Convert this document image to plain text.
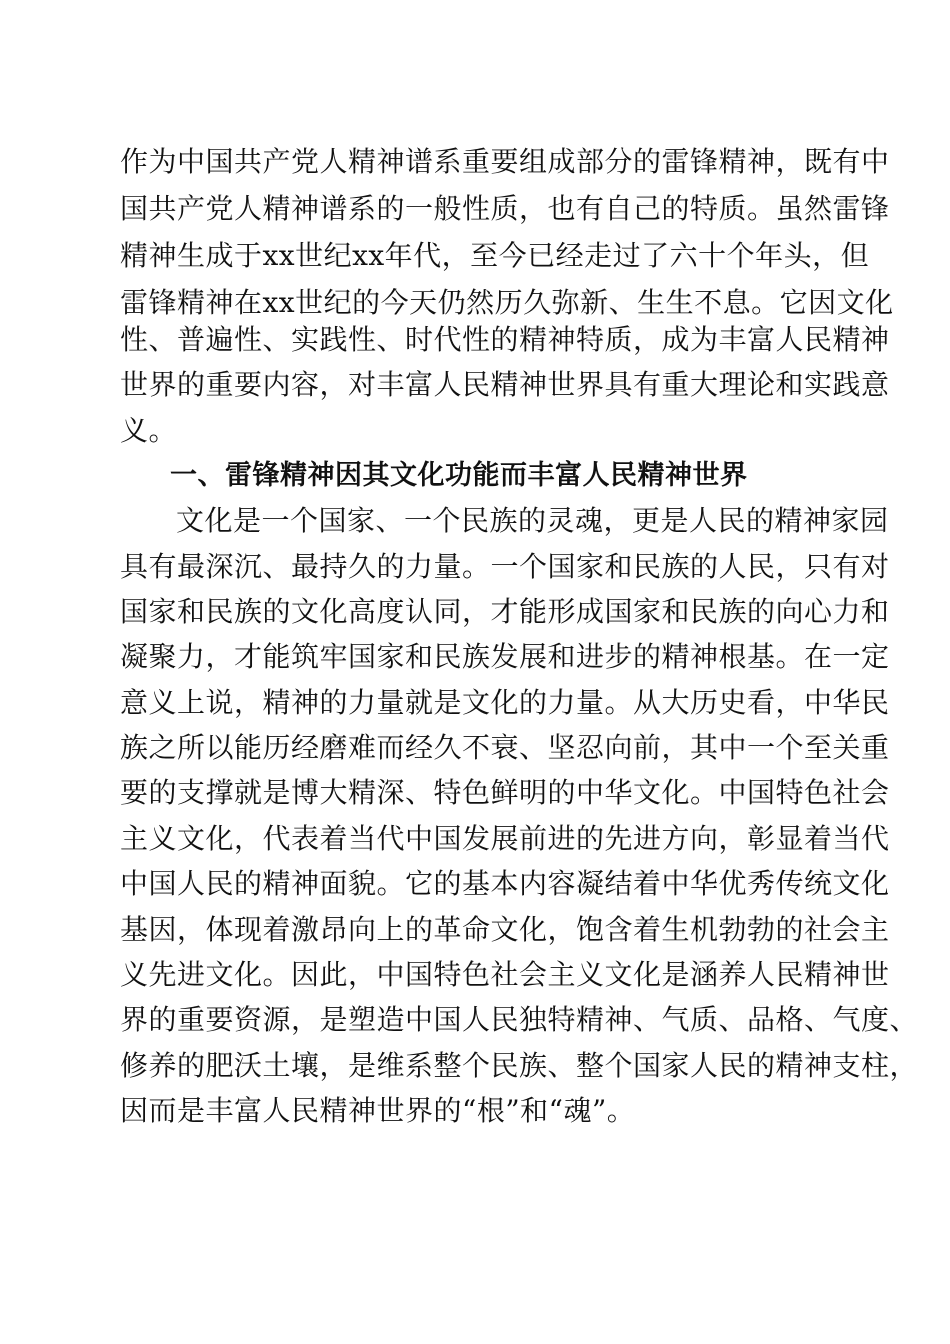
作为中国共产党人精神谱系重要组成部分的雷锋精神，既有中
国共产党人精神谱系的一般性质，也有自己的特质。虽然雷锋
精神生成于xx世纪xx年代，至今已经走过了六十个年头，但
雷锋精神在xx世纪的今天仍然历久弥新、生生不息。它因文化
性、普遍性、实践性、时代性的精神特质，成为丰富人民精神
世界的重要内容，对丰富人民精神世界具有重大理论和实践意
义。
一、雷锋精神因其文化功能而丰富人民精神世界
文化是一个国家、一个民族的灵魂，更是人民的精神家园
具有最深沉、最持久的力量。一个国家和民族的人民，只有对
国家和民族的文化高度认同，才能形成国家和民族的向心力和
凝聚力，才能筑牢国家和民族发展和进步的精神根基。在一定
意义上说，精神的力量就是文化的力量。从大历史看，中华民
族之所以能历经磨难而经久不衰、坚忍向前，其中一个至关重
要的支撑就是博大精深、特色鲜明的中华文化。中国特色社会
主义文化，代表着当代中国发展前进的先进方向，彰显着当代
中国人民的精神面貌。它的基本内容凝结着中华优秀传统文化
基因，体现着激昂向上的革命文化，饱含着生机勃勃的社会主
义先进文化。因此，中国特色社会主义文化是涵养人民精神世
界的重要资源，是塑造中国人民独特精神、气质、品格、气度、
修养的肥沃土壤，是维系整个民族、整个国家人民的精神支柱，
因而是丰富人民精神世界的“根”和“魂”。
